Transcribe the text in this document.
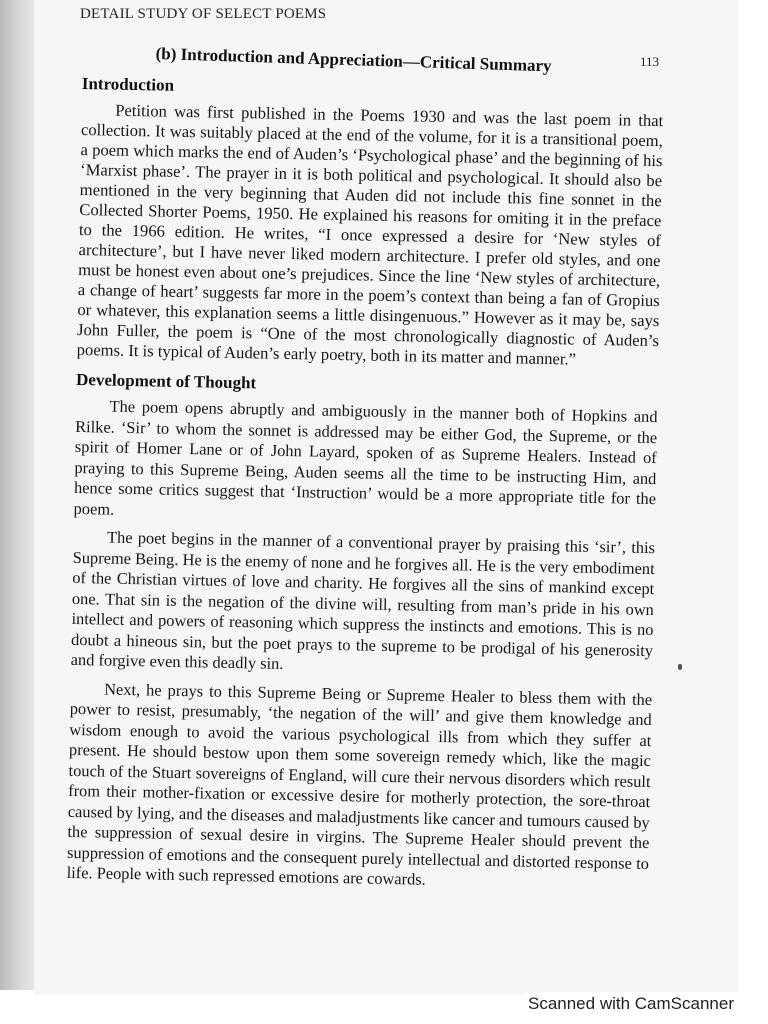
DETAIL STUDY OF SELECT POEMS
(b) Introduction and Appreciation—Critical Summary	113
Introduction

Petition was first published in the Poems 1930 and was the last poem in that collection. It was suitably placed at the end of the volume, for it is a transitional poem, a poem which marks the end of Auden’s ‘Psychological phase’ and the beginning of his ‘Marxist phase’. The prayer in it is both political and psychological. It should also be mentioned in the very beginning that Auden did not include this fine sonnet in the Collected Shorter Poems, 1950. He explained his reasons for omiting it in the preface to the 1966 edition. He writes, “I once expressed a desire for ‘New styles of architecture’, but I have never liked modern architecture. I prefer old styles, and one must be honest even about one’s prejudices. Since the line ‘New styles of architecture, a change of heart’ suggests far more in the poem’s context than being a fan of Gropius or whatever, this explanation seems a little disingenuous.” However as it may be, says John Fuller, the poem is “One of the most chronologically diagnostic of Auden’s poems. It is typical of Auden’s early poetry, both in its matter and manner.”

Development of Thought

The poem opens abruptly and ambiguously in the manner both of Hopkins and Rilke. ‘Sir’ to whom the sonnet is addressed may be either God, the Supreme, or the spirit of Homer Lane or of John Layard, spoken of as Supreme Healers. Instead of praying to this Supreme Being, Auden seems all the time to be instructing Him, and hence some critics suggest that ‘Instruction’ would be a more appropriate title for the poem.

The poet begins in the manner of a conventional prayer by praising this ‘sir’, this Supreme Being. He is the enemy of none and he forgives all. He is the very embodiment of the Christian virtues of love and charity. He forgives all the sins of mankind except one. That sin is the negation of the divine will, resulting from man’s pride in his own intellect and powers of reasoning which suppress the instincts and emotions. This is no doubt a hineous sin, but the poet prays to the supreme to be prodigal of his generosity and forgive even this deadly sin.

Next, he prays to this Supreme Being or Supreme Healer to bless them with the power to resist, presumably, ‘the negation of the will’ and give them knowledge and wisdom enough to avoid the various psychological ills from which they suffer at present. He should bestow upon them some sovereign remedy which, like the magic touch of the Stuart sovereigns of England, will cure their nervous disorders which result from their mother-fixation or excessive desire for motherly protection, the sore-throat caused by lying, and the diseases and maladjustments like cancer and tumours caused by the suppression of sexual desire in virgins. The Supreme Healer should prevent the suppression of emotions and the consequent purely intellectual and distorted response to life. People with such repressed emotions are cowards.

Scanned with CamScanner
